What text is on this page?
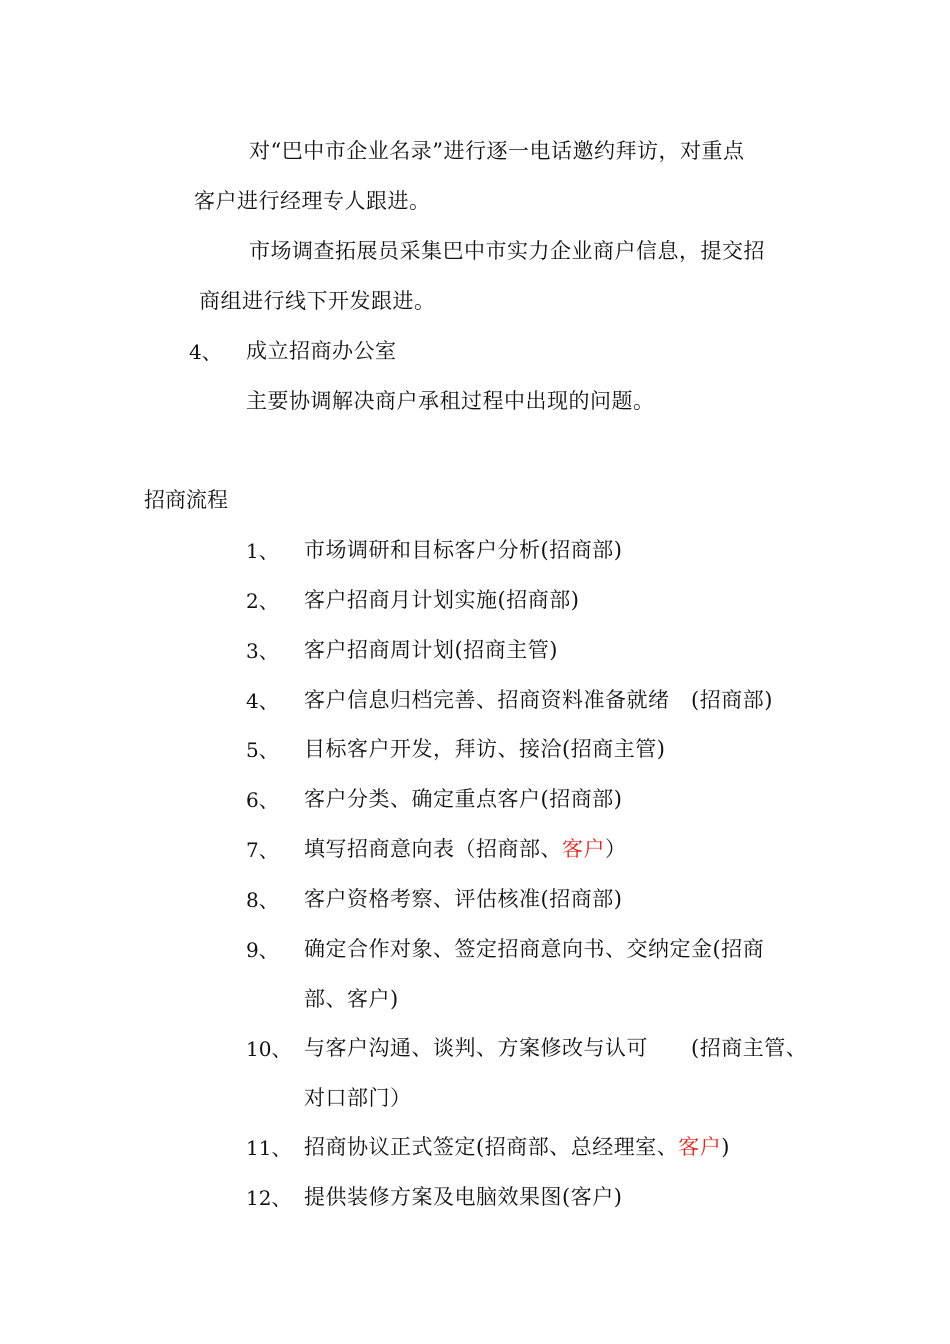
对“巴中市企业名录”进行逐一电话邀约拜访，对重点
客户进行经理专人跟进。
市场调查拓展员采集巴中市实力企业商户信息，提交招
商组进行线下开发跟进。
4、 成立招商办公室
主要协调解决商户承租过程中出现的问题。
招商流程
1、 市场调研和目标客户分析(招商部)
2、 客户招商月计划实施(招商部)
3、 客户招商周计划(招商主管)
4、 客户信息归档完善、招商资料准备就绪　(招商部)
5、 目标客户开发，拜访、接洽(招商主管)
6、 客户分类、确定重点客户(招商部)
7、 填写招商意向表（招商部、客户）
8、 客户资格考察、评估核准(招商部)
9、 确定合作对象、签定招商意向书、交纳定金(招商
部、客户)
10、 与客户沟通、谈判、方案修改与认可　　(招商主管、
对口部门）
11、 招商协议正式签定(招商部、总经理室、客户)
12、 提供装修方案及电脑效果图(客户)
